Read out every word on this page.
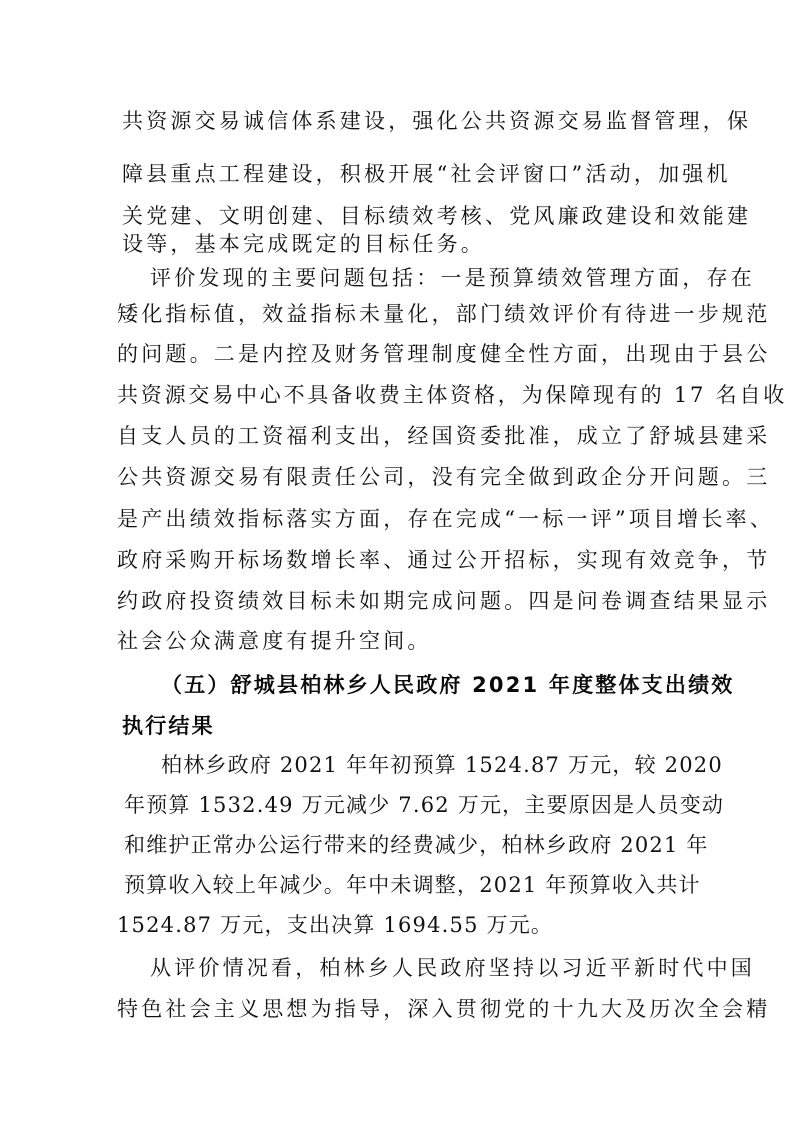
共资源交易诚信体系建设，强化公共资源交易监督管理，保
障县重点工程建设，积极开展“社会评窗口”活动，加强机
关党建、文明创建、目标绩效考核、党风廉政建设和效能建
设等，基本完成既定的目标任务。
评价发现的主要问题包括：一是预算绩效管理方面，存在
矮化指标值，效益指标未量化，部门绩效评价有待进一步规范
的问题。二是内控及财务管理制度健全性方面，出现由于县公
共资源交易中心不具备收费主体资格，为保障现有的 17 名自收
自支人员的工资福利支出，经国资委批准，成立了舒城县建采
公共资源交易有限责任公司，没有完全做到政企分开问题。三
是产出绩效指标落实方面，存在完成“一标一评”项目增长率、
政府采购开标场数增长率、通过公开招标，实现有效竞争，节
约政府投资绩效目标未如期完成问题。四是问卷调查结果显示
社会公众满意度有提升空间。
（五）舒城县柏林乡人民政府 2021 年度整体支出绩效
执行结果
柏林乡政府 2021 年年初预算 1524.87 万元，较 2020
年预算 1532.49 万元减少 7.62 万元，主要原因是人员变动
和维护正常办公运行带来的经费减少，柏林乡政府 2021 年
预算收入较上年减少。年中未调整，2021 年预算收入共计
1524.87 万元，支出决算 1694.55 万元。
从评价情况看，柏林乡人民政府坚持以习近平新时代中国
特色社会主义思想为指导，深入贯彻党的十九大及历次全会精
